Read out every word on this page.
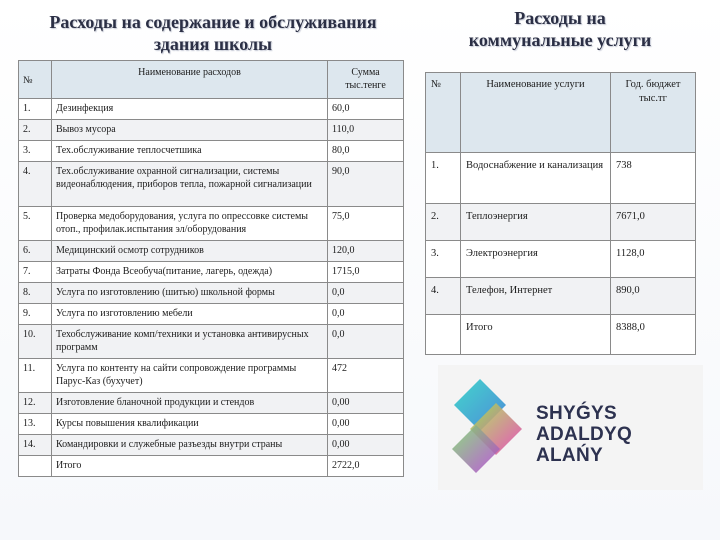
Расходы на содержание и обслуживания
здания школы
Расходы на
коммунальные услуги
№	Наименование расходов	Сумма тыс.тенге
1.	Дезинфекция	60,0
2.	Вывоз мусора	110,0
3.	Тех.обслуживание теплосчетшика	80,0
4.	Тех.обслуживание охранной сигнализации, системы видеонаблюдения, приборов тепла, пожарной сигнализации	90,0
5.	Проверка медоборудования, услуга по опрессовке системы отоп., профилак.испытания эл/оборудования	75,0
6.	Медицинский осмотр сотрудников	120,0
7.	Затраты Фонда Всеобуча(питание, лагерь, одежда)	1715,0
8.	Услуга по изготовлению (шитью) школьной формы	0,0
9.	Услуга по изготовлению мебели	0,0
10.	Техобслуживание комп/техники и установка антивирусных программ	0,0
11.	Услуга по контенту на сайти сопровождение программы Парус-Каз (бухучет)	472
12.	Изготовление бланочной продукции и стендов	0,00
13.	Курсы повышения квалификации	0,00
14.	Командировки и служебные разъезды внутри страны	0,00
	Итого	2722,0
№	Наименование услуги	Год. бюджет тыс.тг
1.	Водоснабжение и канализация	738
2.	Теплоэнергия	7671,0
3.	Электроэнергия	1128,0
4.	Телефон, Интернет	890,0
	Итого	8388,0
SHYǴYS
ADALDYQ ALAŃY
